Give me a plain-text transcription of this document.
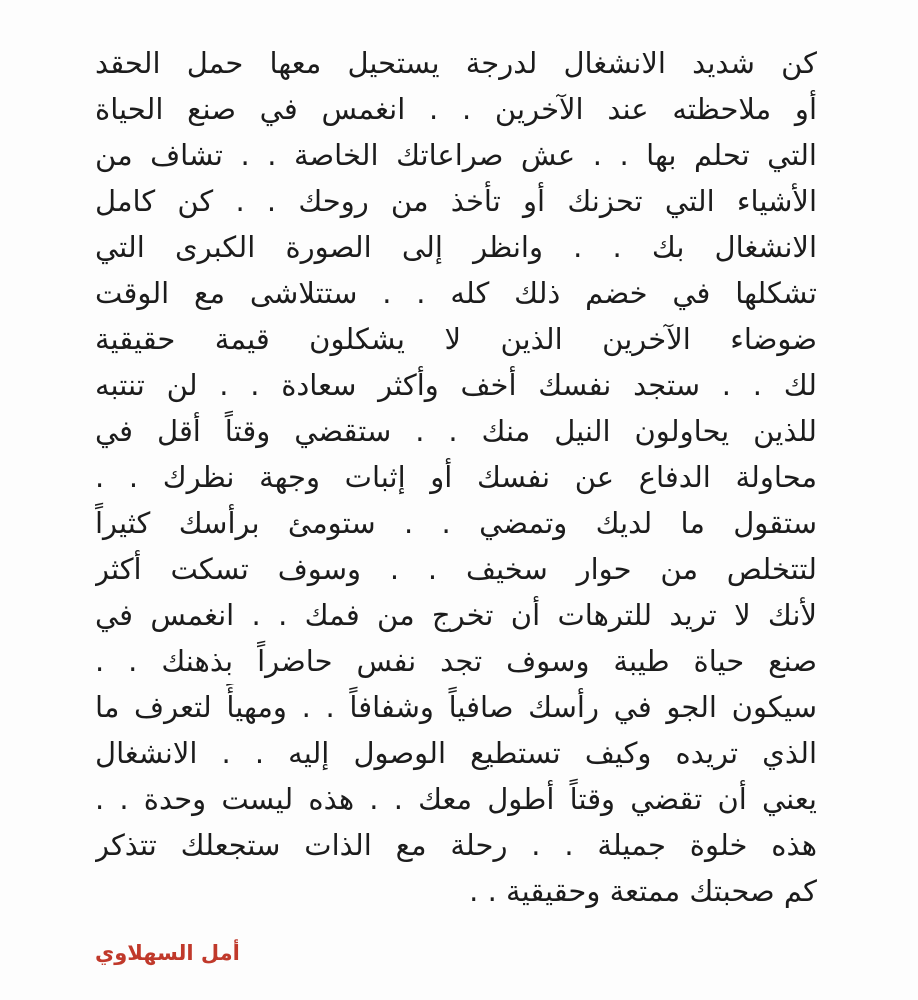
كن شديد الانشغال لدرجة يستحيل معها حمل الحقد
أو ملاحظته عند الآخرين . . انغمس في صنع الحياة
التي تحلم بها . . عش صراعاتك الخاصة . . تشاف من
الأشياء التي تحزنك أو تأخذ من روحك . . كن كامل
الانشغال بك . . وانظر إلى الصورة الكبرى التي
تشكلها في خضم ذلك كله . . ستتلاشى مع الوقت
ضوضاء الآخرين الذين لا يشكلون قيمة حقيقية
لك . . ستجد نفسك أخف وأكثر سعادة . . لن تنتبه
للذين يحاولون النيل منك . . ستقضي وقتاً أقل في
محاولة الدفاع عن نفسك أو إثبات وجهة نظرك . .
ستقول ما لديك وتمضي . . ستومئ برأسك كثيراً
لتتخلص من حوار سخيف . . وسوف تسكت أكثر
لأنك لا تريد للترهات أن تخرج من فمك . . انغمس في
صنع حياة طيبة وسوف تجد نفس حاضراً بذهنك . .
سيكون الجو في رأسك صافياً وشفافاً . . ومهيأً لتعرف ما
الذي تريده وكيف تستطيع الوصول إليه . . الانشغال
يعني أن تقضي وقتاً أطول معك . . هذه ليست وحدة . .
هذه خلوة جميلة . . رحلة مع الذات ستجعلك تتذكر
كم صحبتك ممتعة وحقيقية . .
أمل السهلاوي
